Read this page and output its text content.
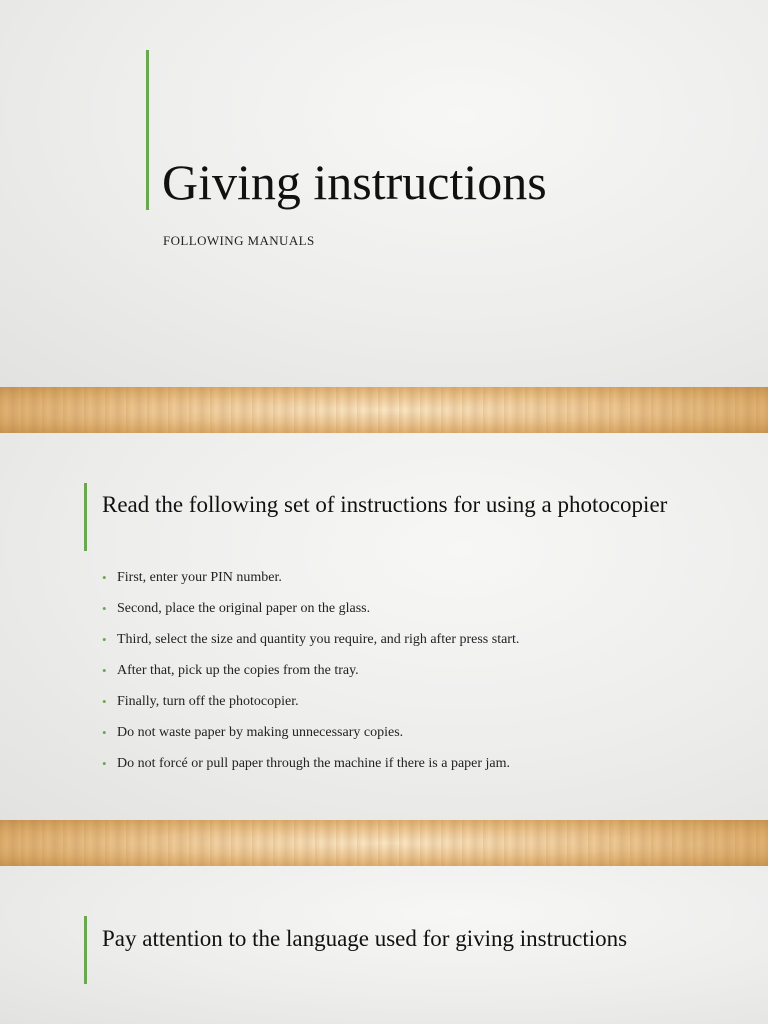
Giving instructions
FOLLOWING MANUALS
Read the following set of instructions for using a photocopier
• First, enter your PIN number.
• Second, place the original paper on the glass.
• Third, select the size and quantity you require, and righ after press start.
• After that, pick up the copies from the tray.
• Finally, turn off the photocopier.
• Do not waste paper by making unnecessary copies.
• Do not forcé or pull paper through the machine if there is a paper jam.
Pay attention to the language used for giving instructions
